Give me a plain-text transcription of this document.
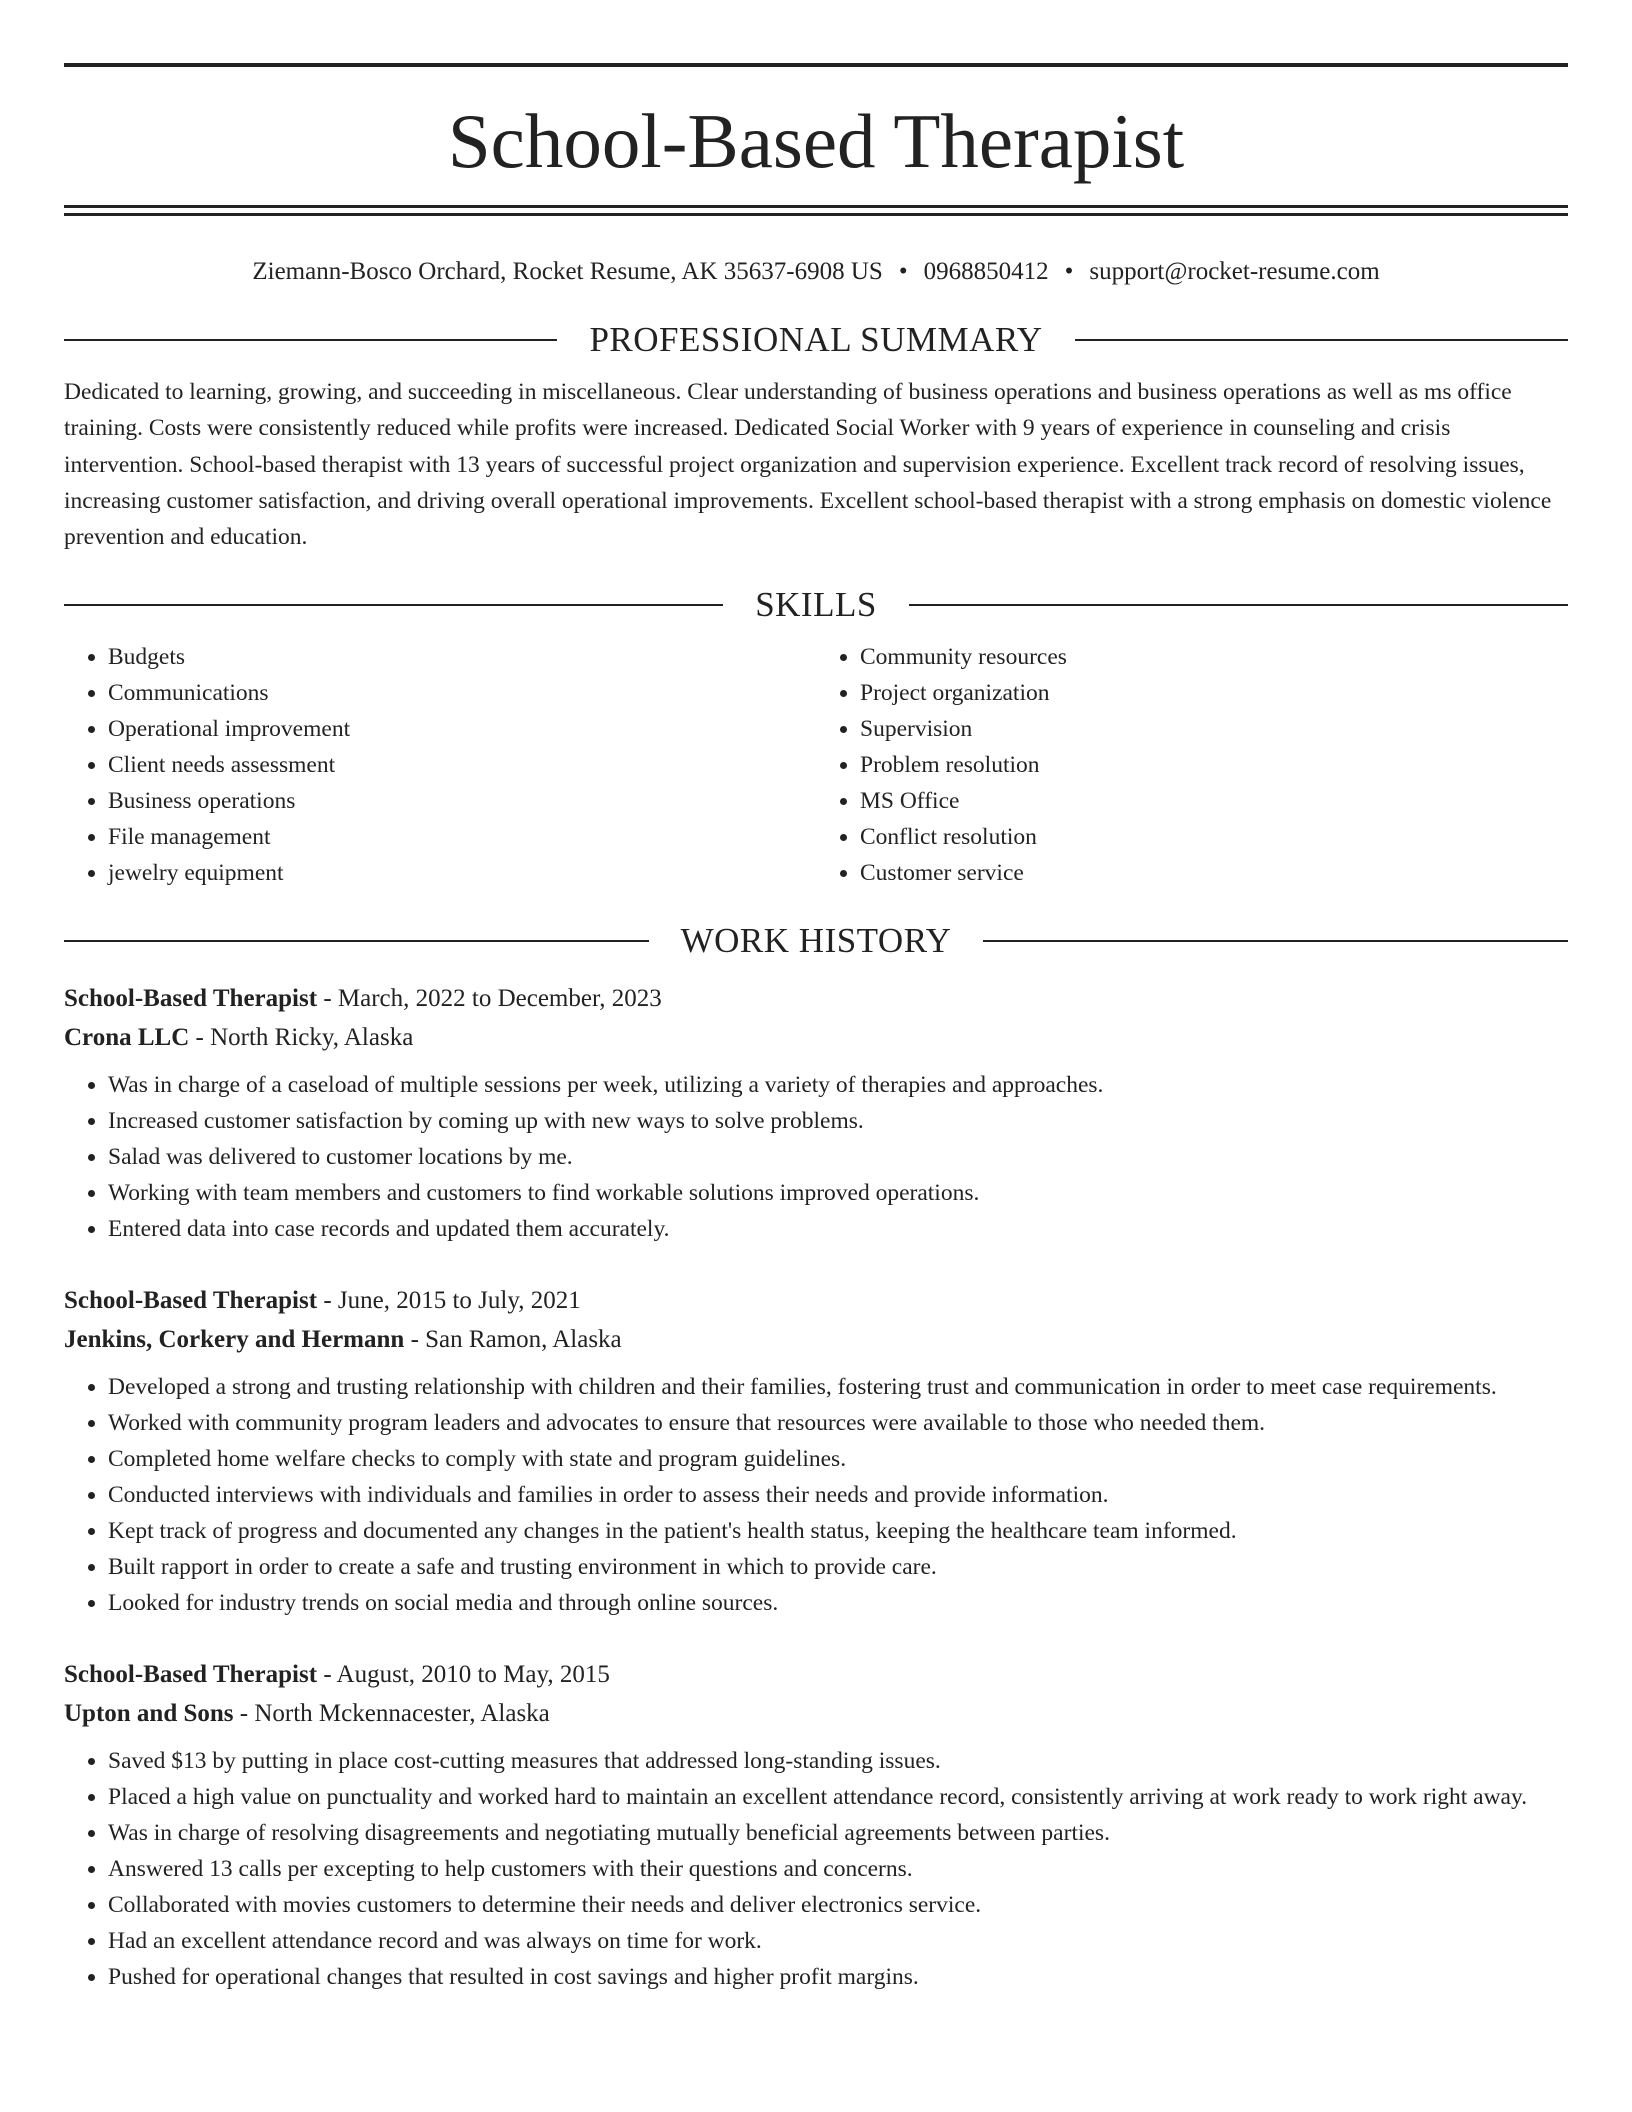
School-Based Therapist
Ziemann-Bosco Orchard, Rocket Resume, AK 35637-6908 US • 0968850412 • support@rocket-resume.com
PROFESSIONAL SUMMARY
Dedicated to learning, growing, and succeeding in miscellaneous. Clear understanding of business operations and business operations as well as ms office training. Costs were consistently reduced while profits were increased. Dedicated Social Worker with 9 years of experience in counseling and crisis intervention. School-based therapist with 13 years of successful project organization and supervision experience. Excellent track record of resolving issues, increasing customer satisfaction, and driving overall operational improvements. Excellent school-based therapist with a strong emphasis on domestic violence prevention and education.
SKILLS
• Budgets
• Communications
• Operational improvement
• Client needs assessment
• Business operations
• File management
• jewelry equipment
• Community resources
• Project organization
• Supervision
• Problem resolution
• MS Office
• Conflict resolution
• Customer service
WORK HISTORY
School-Based Therapist - March, 2022 to December, 2023
Crona LLC - North Ricky, Alaska
• Was in charge of a caseload of multiple sessions per week, utilizing a variety of therapies and approaches.
• Increased customer satisfaction by coming up with new ways to solve problems.
• Salad was delivered to customer locations by me.
• Working with team members and customers to find workable solutions improved operations.
• Entered data into case records and updated them accurately.
School-Based Therapist - June, 2015 to July, 2021
Jenkins, Corkery and Hermann - San Ramon, Alaska
• Developed a strong and trusting relationship with children and their families, fostering trust and communication in order to meet case requirements.
• Worked with community program leaders and advocates to ensure that resources were available to those who needed them.
• Completed home welfare checks to comply with state and program guidelines.
• Conducted interviews with individuals and families in order to assess their needs and provide information.
• Kept track of progress and documented any changes in the patient's health status, keeping the healthcare team informed.
• Built rapport in order to create a safe and trusting environment in which to provide care.
• Looked for industry trends on social media and through online sources.
School-Based Therapist - August, 2010 to May, 2015
Upton and Sons - North Mckennacester, Alaska
• Saved $13 by putting in place cost-cutting measures that addressed long-standing issues.
• Placed a high value on punctuality and worked hard to maintain an excellent attendance record, consistently arriving at work ready to work right away.
• Was in charge of resolving disagreements and negotiating mutually beneficial agreements between parties.
• Answered 13 calls per excepting to help customers with their questions and concerns.
• Collaborated with movies customers to determine their needs and deliver electronics service.
• Had an excellent attendance record and was always on time for work.
• Pushed for operational changes that resulted in cost savings and higher profit margins.
